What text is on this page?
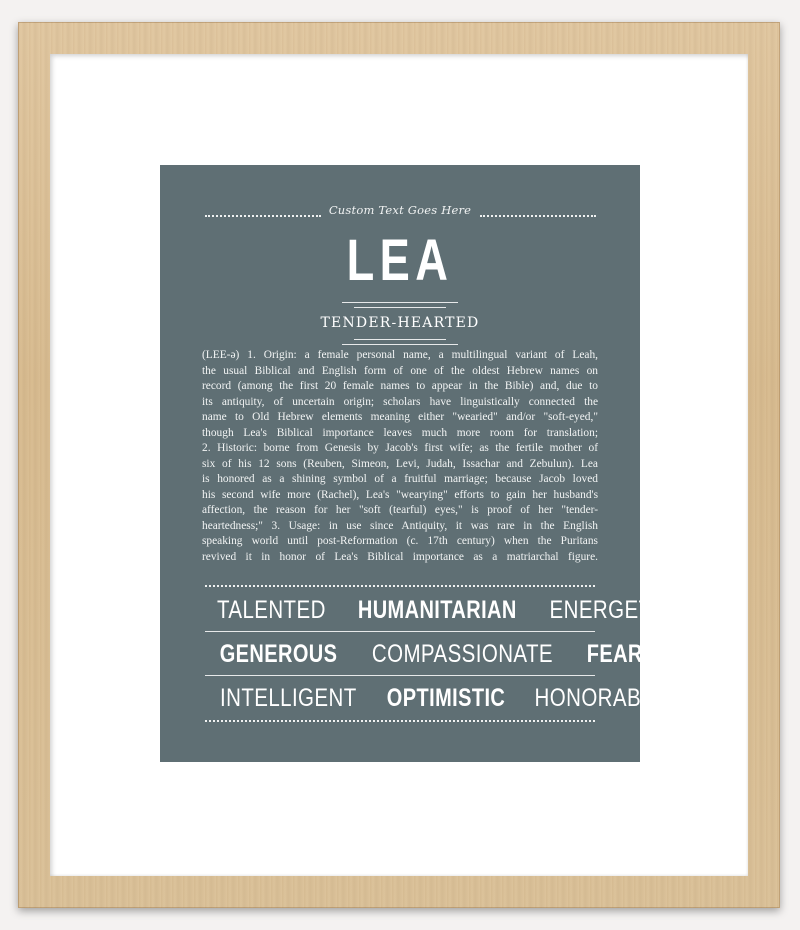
Custom Text Goes Here
LEA
TENDER-HEARTED

(LEE-ə) 1. Origin: a female personal name, a multilingual variant of Leah,

the usual Biblical and English form of one of the oldest Hebrew names on

record (among the first 20 female names to appear in the Bible) and, due to

its antiquity, of uncertain origin; scholars have linguistically connected the

name to Old Hebrew elements meaning either "wearied" and/or "soft-eyed,"

though Lea's Biblical importance leaves much more room for translation;

2. Historic: borne from Genesis by Jacob's first wife; as the fertile mother of

six of his 12 sons (Reuben, Simeon, Levi, Judah, Issachar and Zebulun). Lea

is honored as a shining symbol of a fruitful marriage; because Jacob loved

his second wife more (Rachel), Lea's "wearying" efforts to gain her husband's

affection, the reason for her "soft (tearful) eyes," is proof of her "tender-

heartedness;" 3. Usage: in use since Antiquity, it was rare in the English

speaking world until post-Reformation (c. 17th century) when the Puritans

revived it in honor of Lea's Biblical importance as a matriarchal figure.

TALENTED HUMANITARIAN ENERGETIC
GENEROUS COMPASSIONATE FEARLESS
INTELLIGENT OPTIMISTIC HONORABLE
